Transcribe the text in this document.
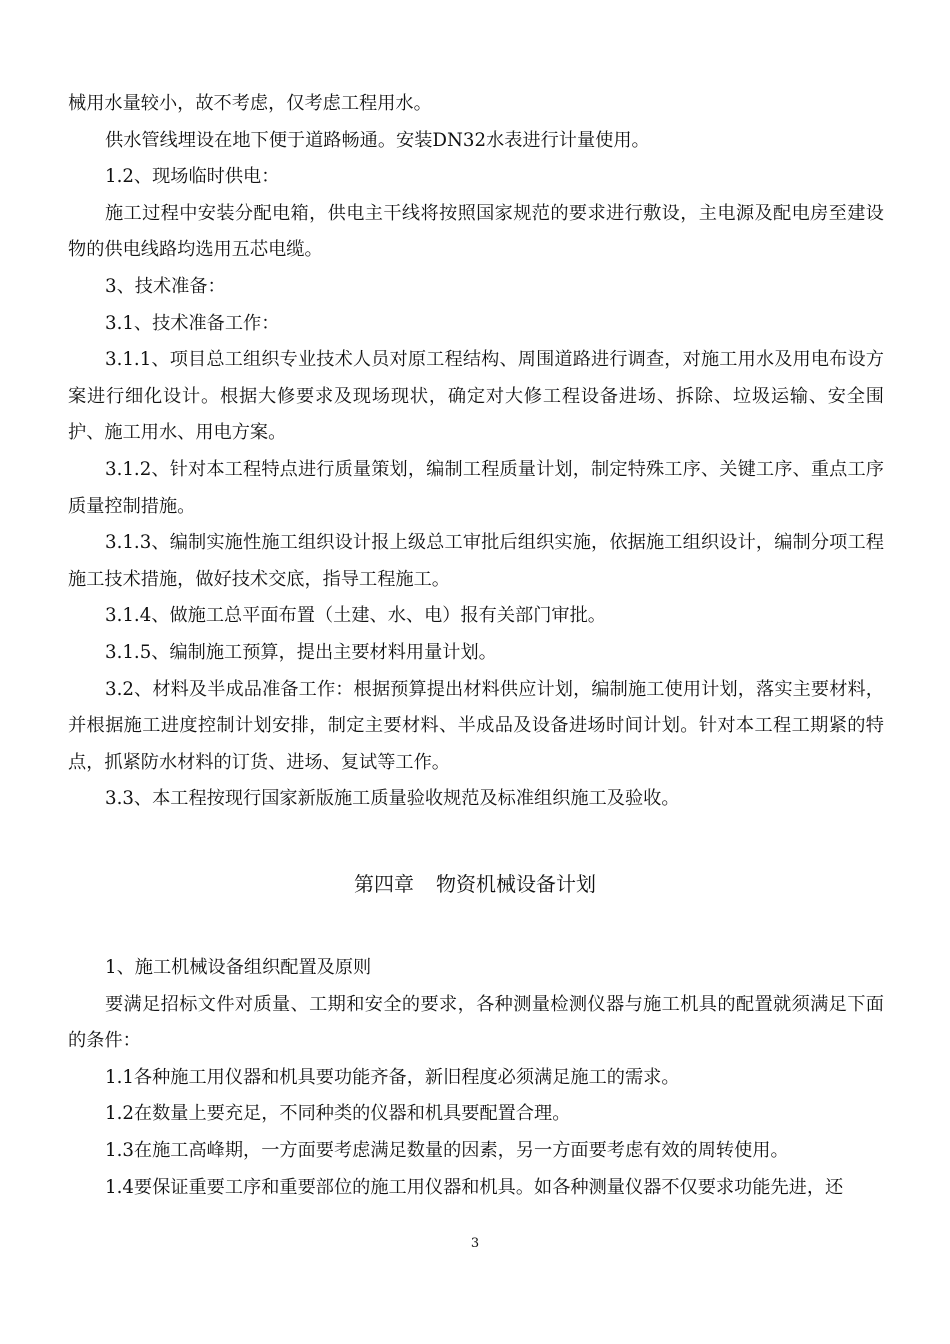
械用水量较小，故不考虑，仅考虑工程用水。

供水管线埋设在地下便于道路畅通。安装DN32水表进行计量使用。

1.2、现场临时供电：

施工过程中安装分配电箱，供电主干线将按照国家规范的要求进行敷设，主电源及配电房至建设物的供电线路均选用五芯电缆。

3、技术准备：

3.1、技术准备工作：

3.1.1、项目总工组织专业技术人员对原工程结构、周围道路进行调查，对施工用水及用电布设方案进行细化设计。根据大修要求及现场现状，确定对大修工程设备进场、拆除、垃圾运输、安全围护、施工用水、用电方案。

3.1.2、针对本工程特点进行质量策划，编制工程质量计划，制定特殊工序、关键工序、重点工序质量控制措施。

3.1.3、编制实施性施工组织设计报上级总工审批后组织实施，依据施工组织设计，编制分项工程施工技术措施，做好技术交底，指导工程施工。

3.1.4、做施工总平面布置（土建、水、电）报有关部门审批。

3.1.5、编制施工预算，提出主要材料用量计划。

3.2、材料及半成品准备工作：根据预算提出材料供应计划，编制施工使用计划，落实主要材料，并根据施工进度控制计划安排，制定主要材料、半成品及设备进场时间计划。针对本工程工期紧的特点，抓紧防水材料的订货、进场、复试等工作。

3.3、本工程按现行国家新版施工质量验收规范及标准组织施工及验收。

第四章 物资机械设备计划

1、施工机械设备组织配置及原则

要满足招标文件对质量、工期和安全的要求，各种测量检测仪器与施工机具的配置就须满足下面的条件：

1.1各种施工用仪器和机具要功能齐备，新旧程度必须满足施工的需求。

1.2在数量上要充足，不同种类的仪器和机具要配置合理。

1.3在施工高峰期，一方面要考虑满足数量的因素，另一方面要考虑有效的周转使用。

1.4要保证重要工序和重要部位的施工用仪器和机具。如各种测量仪器不仅要求功能先进，还

3
